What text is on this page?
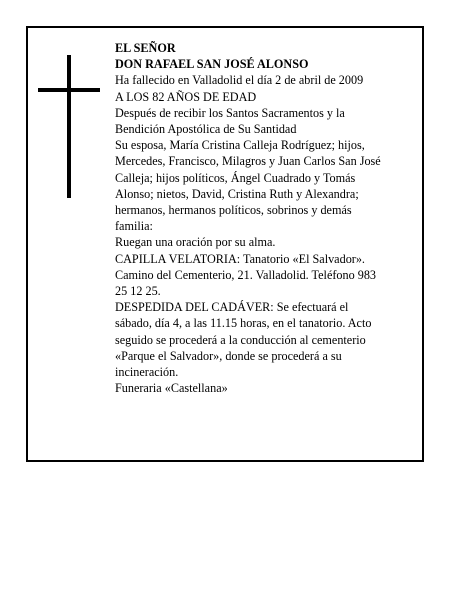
EL SEÑOR
DON RAFAEL SAN JOSÉ ALONSO
Ha fallecido en Valladolid el día 2 de abril de 2009
A LOS 82 AÑOS DE EDAD
Después de recibir los Santos Sacramentos y la
Bendición Apostólica de Su Santidad
Su esposa, María Cristina Calleja Rodríguez; hijos,
Mercedes, Francisco, Milagros y Juan Carlos San José
Calleja; hijos políticos, Ángel Cuadrado y Tomás
Alonso; nietos, David, Cristina Ruth y Alexandra;
hermanos, hermanos políticos, sobrinos y demás
familia:
Ruegan una oración por su alma.
CAPILLA VELATORIA: Tanatorio «El Salvador».
Camino del Cementerio, 21. Valladolid. Teléfono 983
25 12 25.
DESPEDIDA DEL CADÁVER: Se efectuará el
sábado, día 4, a las 11.15 horas, en el tanatorio. Acto
seguido se procederá a la conducción al cementerio
«Parque el Salvador», donde se procederá a su
incineración.
Funeraria «Castellana»
